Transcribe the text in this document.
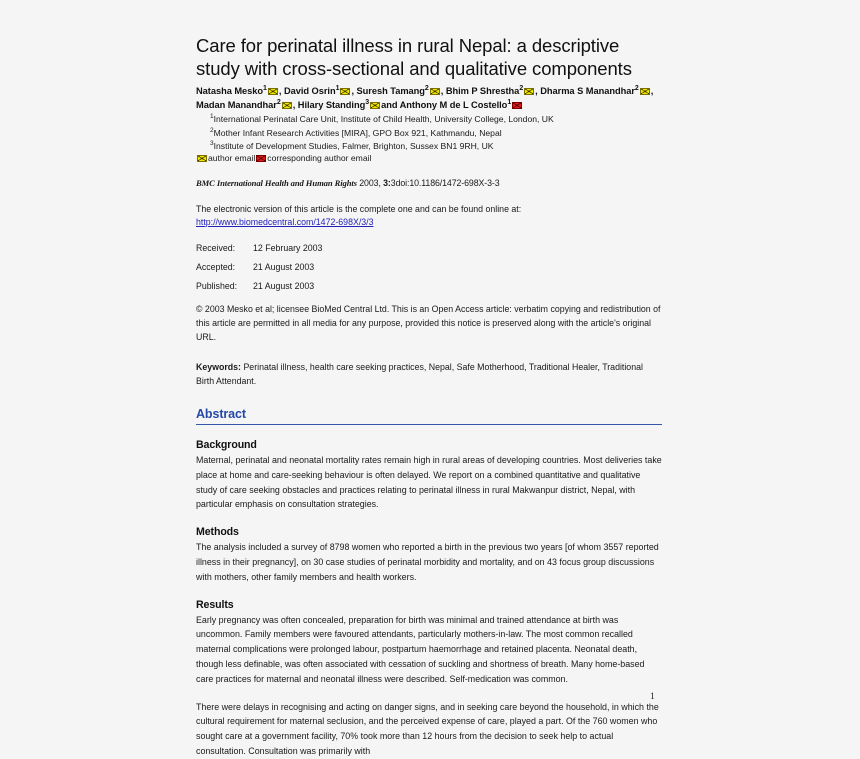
Care for perinatal illness in rural Nepal: a descriptive study with cross-sectional and qualitative components

Natasha Mesko$^1$ , David Osrin$^1$ , Suresh Tamang$^2$ , Bhim P Shrestha$^2$ , Dharma S Manandhar$^2$ , Madan Manandhar$^2$ , Hilary Standing$^3$ and Anthony M de L Costello$^1$

$^1$International Perinatal Care Unit, Institute of Child Health, University College, London, UK

$^2$Mother Infant Research Activities [MIRA], GPO Box 921, Kathmandu, Nepal

$^3$Institute of Development Studies, Falmer, Brighton, Sussex BN1 9RH, UK

author email corresponding author email

BMC International Health and Human Rights 2003, 3:3doi:10.1186/1472-698X-3-3

The electronic version of this article is the complete one and can be found online at:
http://www.biomedcentral.com/1472-698X/3/3

Received:	12 February 2003
Accepted:	21 August 2003
Published:	21 August 2003

© 2003 Mesko et al; licensee BioMed Central Ltd. This is an Open Access article: verbatim copying and redistribution of this article are permitted in all media for any purpose, provided this notice is preserved along with the article's original URL.

Keywords: Perinatal illness, health care seeking practices, Nepal, Safe Motherhood, Traditional Healer, Traditional Birth Attendant.

Abstract
Background

Maternal, perinatal and neonatal mortality rates remain high in rural areas of developing countries. Most deliveries take place at home and care-seeking behaviour is often delayed. We report on a combined quantitative and qualitative study of care seeking obstacles and practices relating to perinatal illness in rural Makwanpur district, Nepal, with particular emphasis on consultation strategies.

Methods

The analysis included a survey of 8798 women who reported a birth in the previous two years [of whom 3557 reported illness in their pregnancy], on 30 case studies of perinatal morbidity and mortality, and on 43 focus group discussions with mothers, other family members and health workers.

Results

Early pregnancy was often concealed, preparation for birth was minimal and trained attendance at birth was uncommon. Family members were favoured attendants, particularly mothers-in-law. The most common recalled maternal complications were prolonged labour, postpartum haemorrhage and retained placenta. Neonatal death, though less definable, was often associated with cessation of suckling and shortness of breath. Many home-based care practices for maternal and neonatal illness were described. Self-medication was common.

There were delays in recognising and acting on danger signs, and in seeking care beyond the household, in which the cultural requirement for maternal seclusion, and the perceived expense of care, played a part. Of the 760 women who sought care at a government facility, 70% took more than 12 hours from the decision to seek help to actual consultation. Consultation was primarily with

1
